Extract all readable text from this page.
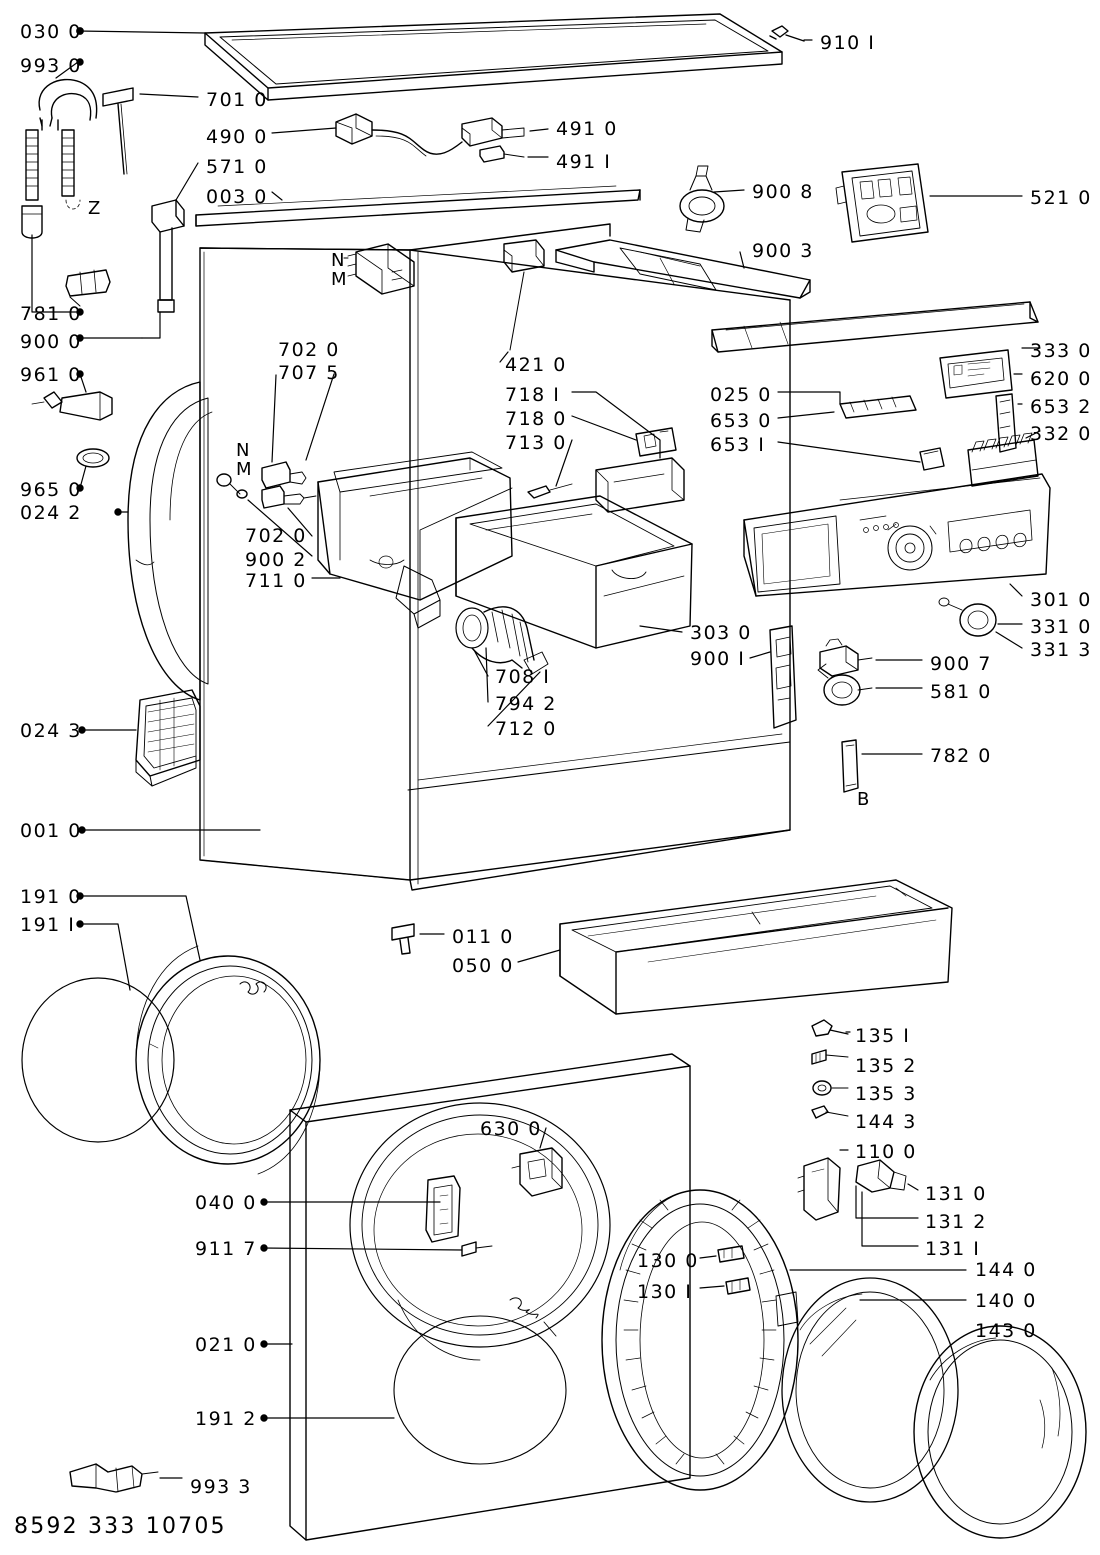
030 0	910 I
993 0
701 0
490 0	491 0
571 0	491 I
003 0	900 8	521 0
900 3
781 0
900 0	333 0
702 0
961 0	707 5	421 0
025 0
620 0
718 I
718 0	653 0
653 2
713 0	653 I	332 0
965 0
024 2
702 0
900 2
711 0
301 0
331 0
303 0
331 3
900 I	900 7
708 I
581 0
794 2
712 0
024 3
782 0
001 0
191 0
191 I
011 0
050 0
135 I
135 2
135 3
144 3
110 0
630 0
131 0
040 0
131 2
131 I
911 7
130 0	144 0
130 I	140 0
143 0
021 0
191 2
993 3
Z
N
M
N
M
B
8592 333 10705
